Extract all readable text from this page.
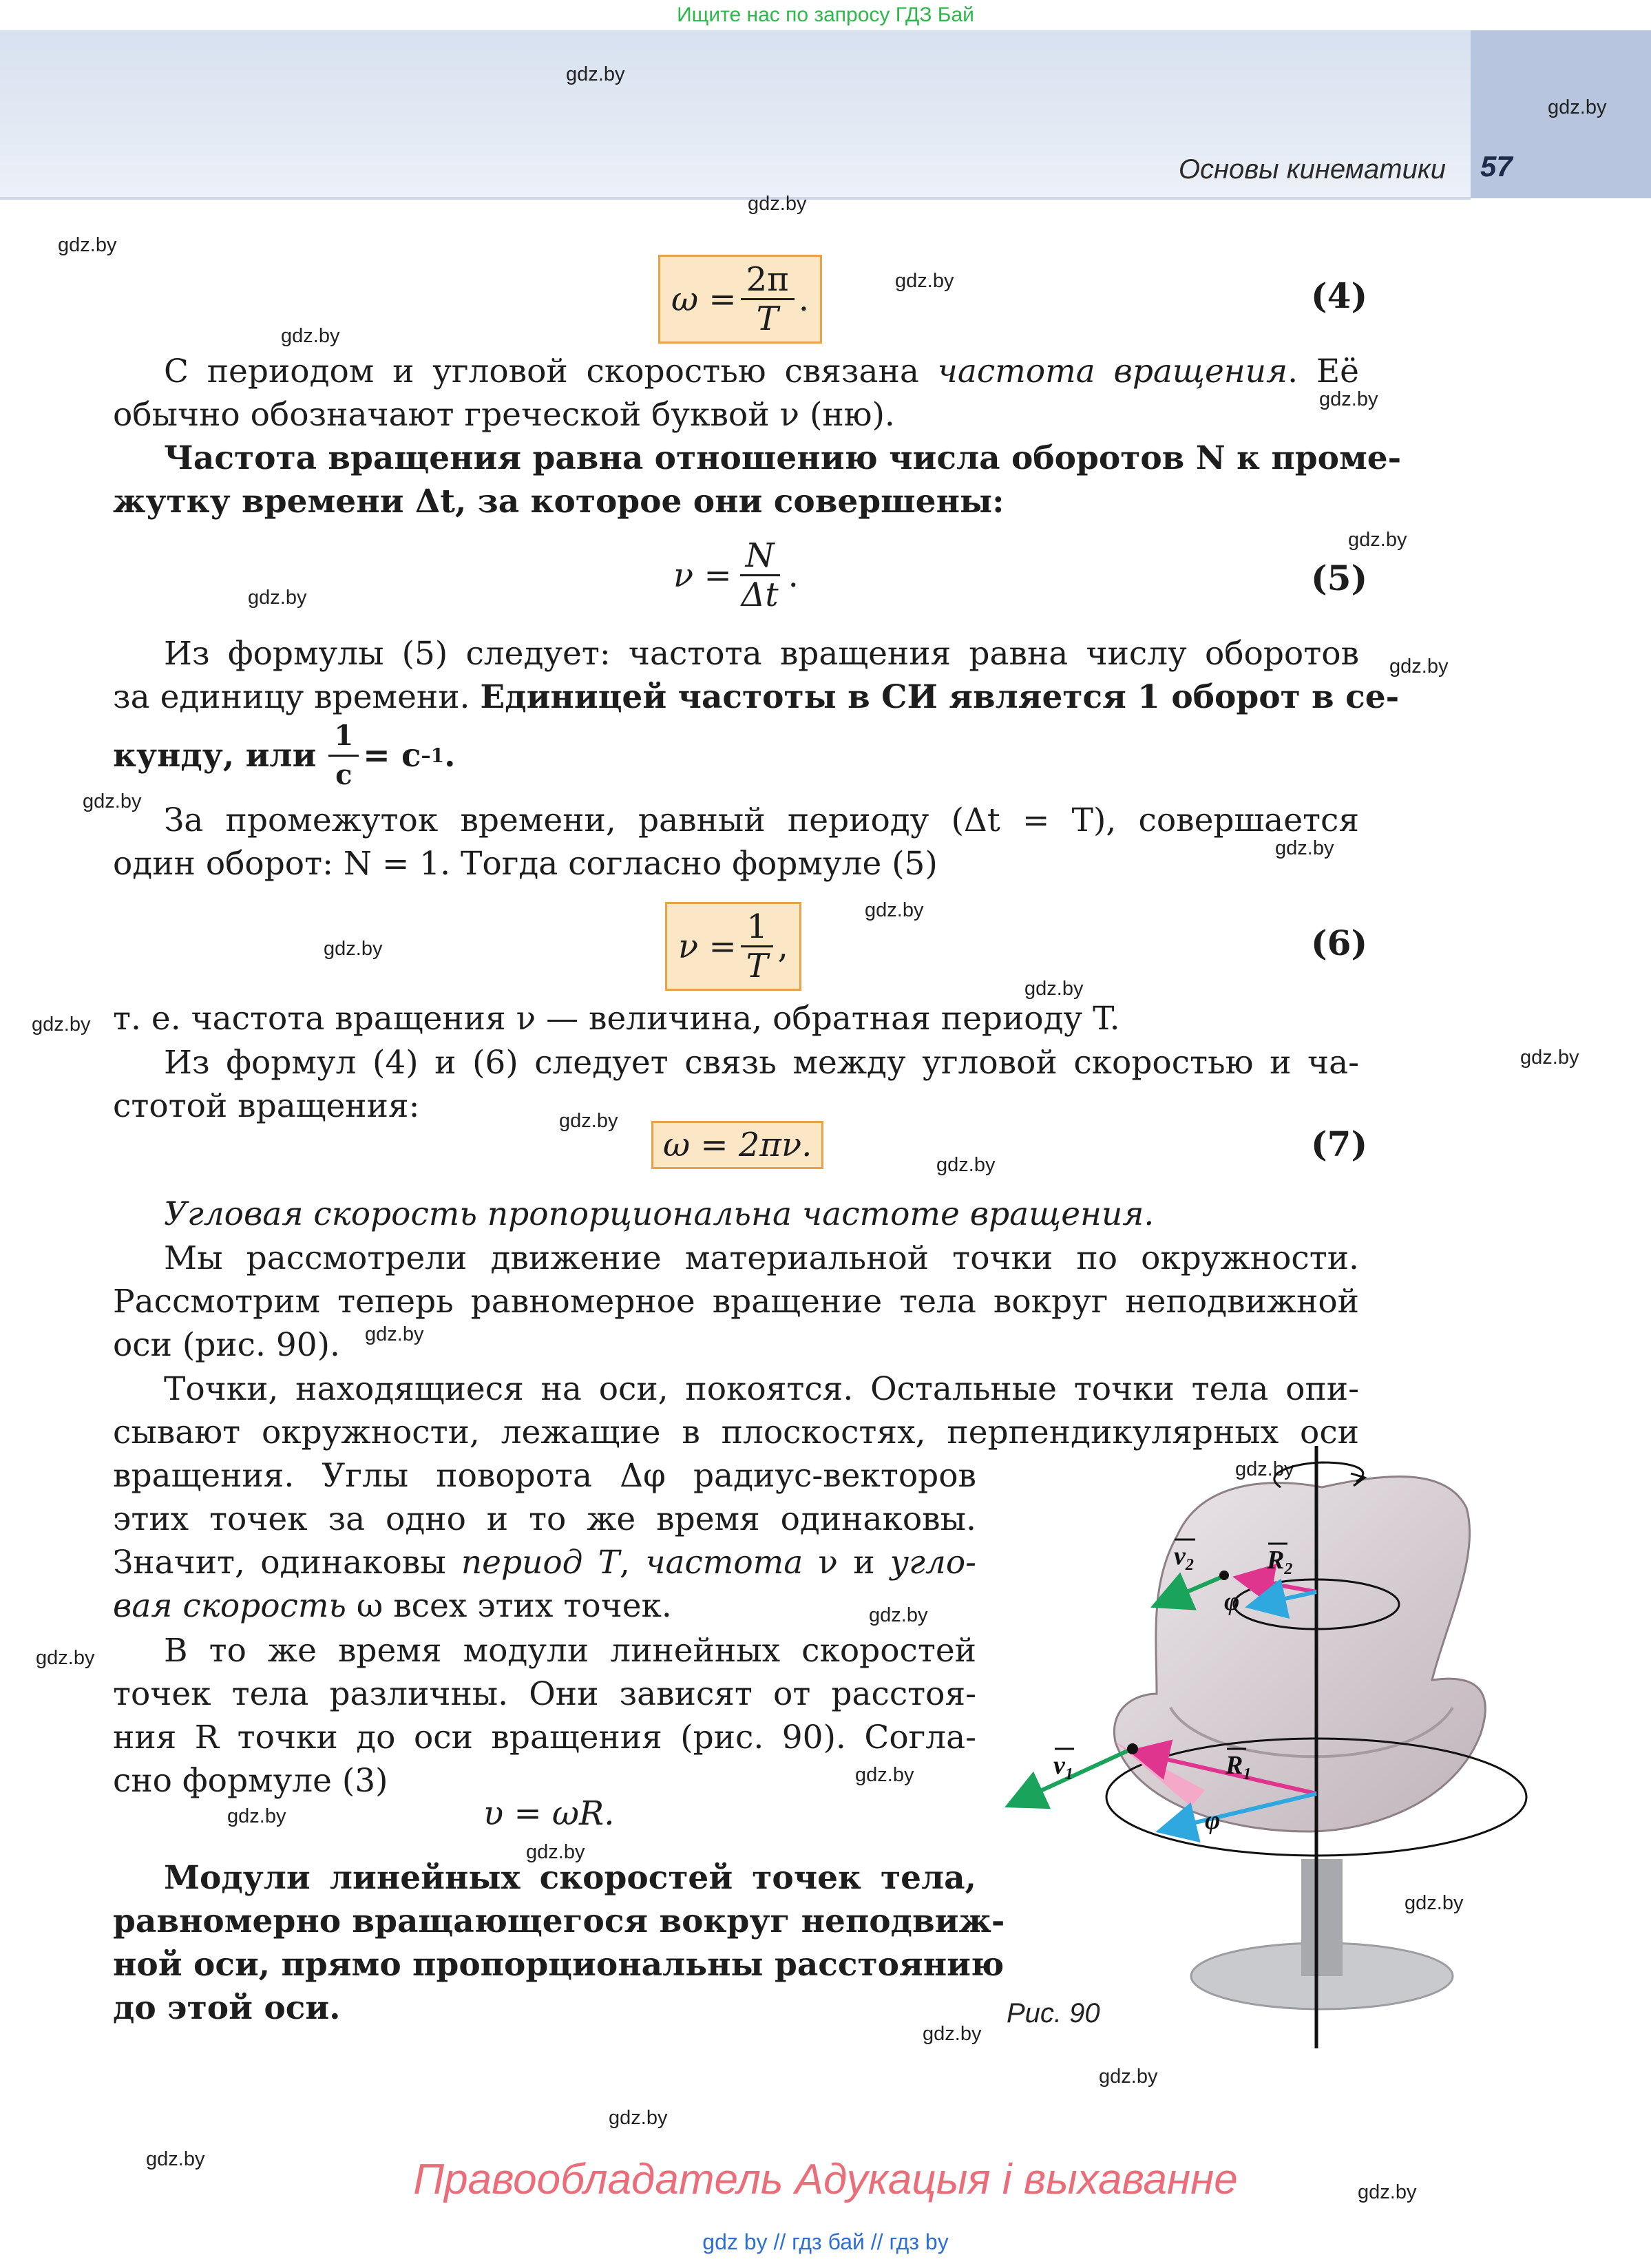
Ищите нас по запросу ГДЗ Бай
Основы кинематики 57
gdz.by
gdz.by
gdz.by
gdz.by
gdz.by
gdz.by
gdz.by
gdz.by
gdz.by
gdz.by
gdz.by
gdz.by
gdz.by
gdz.by
gdz.by
gdz.by
gdz.by
gdz.by
gdz.by
gdz.by
gdz.by
gdz.by
gdz.by
gdz.by
gdz.by
gdz.by
gdz.by
gdz.by
gdz.by
gdz.by
gdz.by
gdz.by
$\omega = \frac{2\pi}{T}$ .	(4)
С периодом и угловой скоростью связана частота вращения. Её
обычно обозначают греческой буквой ν (ню).
Частота вращения равна отношению числа оборотов N к проме-
жутку времени Δt, за которое они совершены:
$\nu = \frac{N}{\Delta t}$ .	(5)
Из формулы (5) следует: частота вращения равна числу оборотов
за единицу времени. Единицей частоты в СИ является 1 оборот в се-
кунду, или $\frac{1}{с} = с$ –1 .
За промежуток времени, равный периоду (Δt = T), совершается
один оборот: N = 1. Тогда согласно формуле (5)
$\nu = \frac{1}{T}$ ,	(6)
т. е. частота вращения ν — величина, обратная периоду T.
Из формул (4) и (6) следует связь между угловой скоростью и ча-
стотой вращения:
ω = 2πν.	(7)
Угловая скорость пропорциональна частоте вращения.
Мы рассмотрели движение материальной точки по окружности.
Рассмотрим теперь равномерное вращение тела вокруг неподвижной
оси (рис. 90).
Точки, находящиеся на оси, покоятся. Остальные точки тела опи-
сывают окружности, лежащие в плоскостях, перпендикулярных оси
вращения. Углы поворота Δφ радиус-векторов
этих точек за одно и то же время одинаковы.
Значит, одинаковы период T, частота ν и углo-
вая скорость ω всех этих точек.
В то же время модули линейных скоростей
точек тела различны. Они зависят от расстоя-
ния R точки до оси вращения (рис. 90). Согла-
сно формуле (3)
υ = ωR.
Модули линейных скоростей точек тела,
равномерно вращающегося вокруг неподвиж-
ной оси, прямо пропорциональны расстоянию
до этой оси.
$v_2$	$R_2$
φ
$v_1$	$R_1$
φ
Рис. 90
Правообладатель Адукацыя і выхаванне
gdz by // гдз бай // гдз by
